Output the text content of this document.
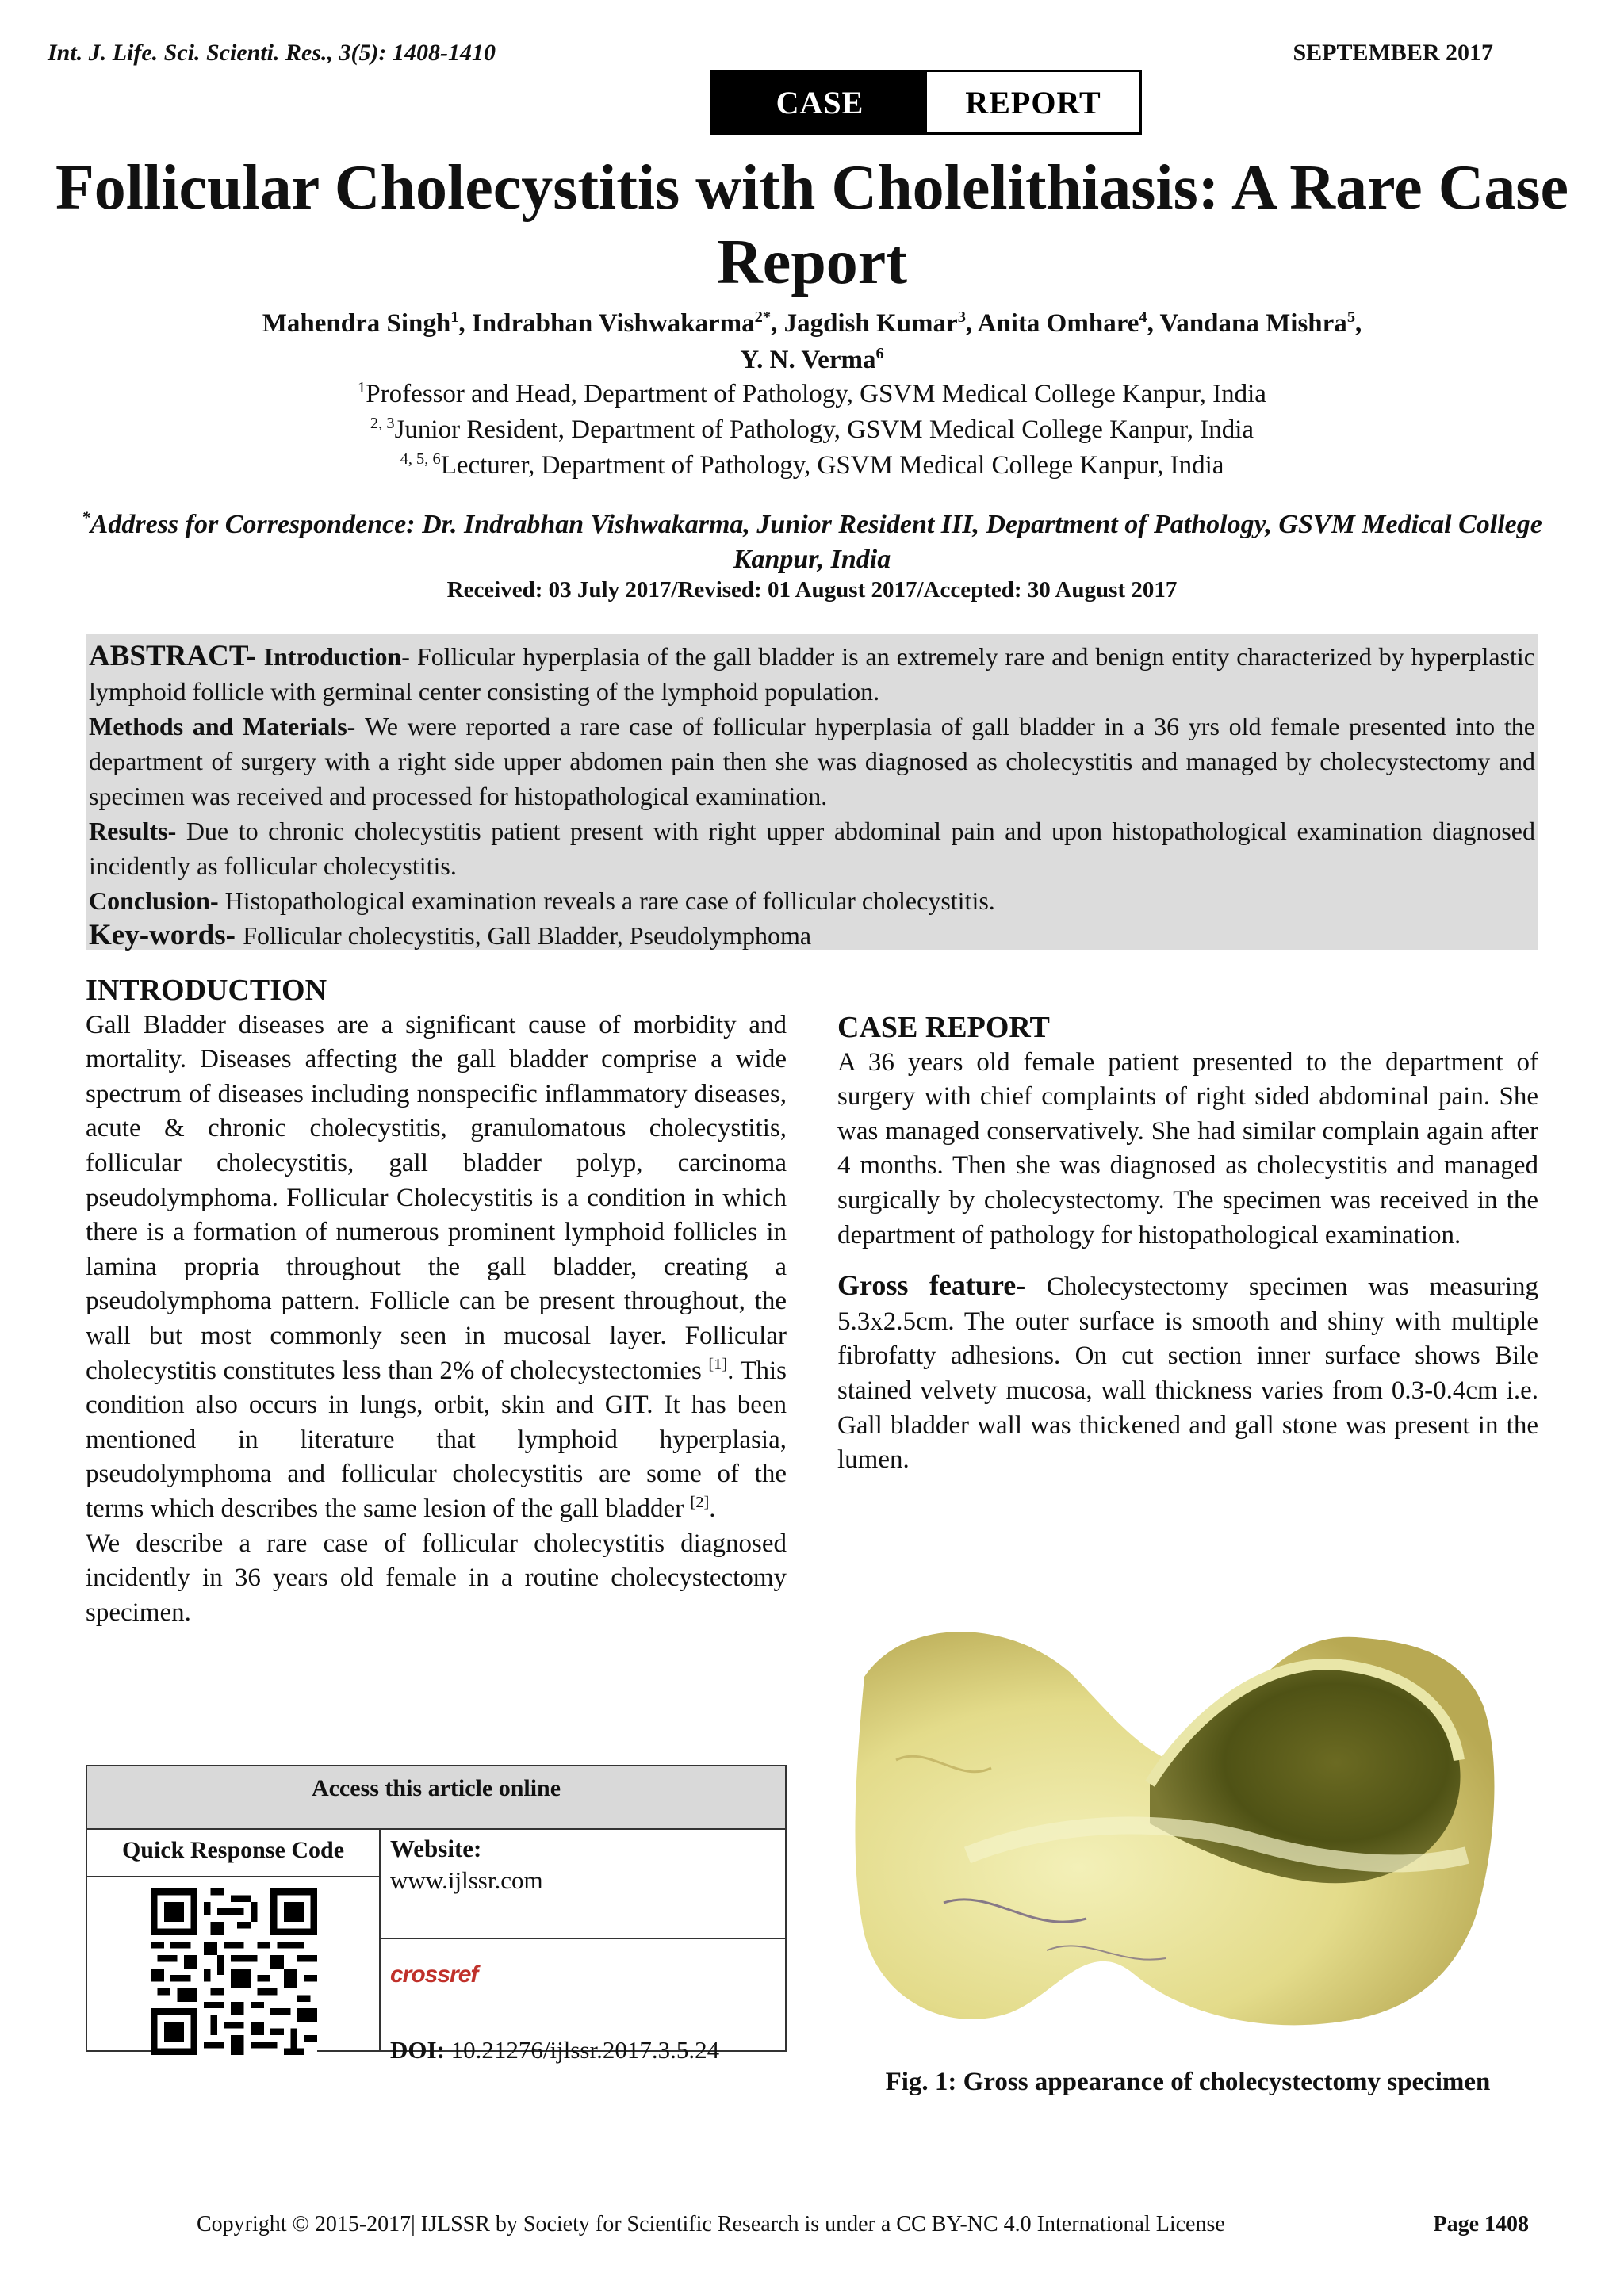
Int. J. Life. Sci. Scienti. Res., 3(5): 1408-1410	SEPTEMBER 2017
CASE	REPORT
Follicular Cholecystitis with Cholelithiasis: A Rare Case Report
Mahendra Singh$^1$, Indrabhan Vishwakarma$^{2*}$, Jagdish Kumar$^3$, Anita Omhare$^4$, Vandana Mishra$^5$,
Y. N. Verma$^6$
$^1$Professor and Head, Department of Pathology, GSVM Medical College Kanpur, India
$^{2, 3}$Junior Resident, Department of Pathology, GSVM Medical College Kanpur, India
$^{4, 5, 6}$Lecturer, Department of Pathology, GSVM Medical College Kanpur, India
*Address for Correspondence: Dr. Indrabhan Vishwakarma, Junior Resident III, Department of Pathology, GSVM Medical College Kanpur, India
Received: 03 July 2017/Revised: 01 August 2017/Accepted: 30 August 2017

ABSTRACT- Introduction- Follicular hyperplasia of the gall bladder is an extremely rare and benign entity characterized by hyperplastic lymphoid follicle with germinal center consisting of the lymphoid population.

Methods and Materials- We were reported a rare case of follicular hyperplasia of gall bladder in a 36 yrs old female presented into the department of surgery with a right side upper abdomen pain then she was diagnosed as cholecystitis and managed by cholecystectomy and specimen was received and processed for histopathological examination.

Results- Due to chronic cholecystitis patient present with right upper abdominal pain and upon histopathological examination diagnosed incidently as follicular cholecystitis.

Conclusion- Histopathological examination reveals a rare case of follicular cholecystitis.

Key-words- Follicular cholecystitis, Gall Bladder, Pseudolymphoma

INTRODUCTION

Gall Bladder diseases are a significant cause of morbidity and mortality. Diseases affecting the gall bladder comprise a wide spectrum of diseases including nonspecific inflammatory diseases, acute & chronic cholecystitis, granulomatous cholecystitis, follicular cholecystitis, gall bladder polyp, carcinoma pseudolymphoma. Follicular Cholecystitis is a condition in which there is a formation of numerous prominent lymphoid follicles in lamina propria throughout the gall bladder, creating a pseudolymphoma pattern. Follicle can be present throughout, the wall but most commonly seen in mucosal layer. Follicular cholecystitis constitutes less than 2% of cholecystectomies [1]. This condition also occurs in lungs, orbit, skin and GIT. It has been mentioned in literature that lymphoid hyperplasia, pseudolymphoma and follicular cholecystitis are some of the terms which describes the same lesion of the gall bladder [2].

We describe a rare case of follicular cholecystitis diagnosed incidently in 36 years old female in a routine cholecystectomy specimen.

Access this article online
Quick Response Code	Website:
www.ijlssr.com
crossref
DOI: 10.21276/ijlssr.2017.3.5.24
CASE REPORT

A 36 years old female patient presented to the department of surgery with chief complaints of right sided abdominal pain. She was managed conservatively. She had similar complain again after 4 months. Then she was diagnosed as cholecystitis and managed surgically by cholecystectomy. The specimen was received in the department of pathology for histopathological examination.

Gross feature- Cholecystectomy specimen was measuring 5.3x2.5cm. The outer surface is smooth and shiny with multiple fibrofatty adhesions. On cut section inner surface shows Bile stained velvety mucosa, wall thickness varies from 0.3-0.4cm i.e. Gall bladder wall was thickened and gall stone was present in the lumen.

Fig. 1: Gross appearance of cholecystectomy specimen
Copyright © 2015-2017| IJLSSR by Society for Scientific Research is under a CC BY-NC 4.0 International License	Page 1408
